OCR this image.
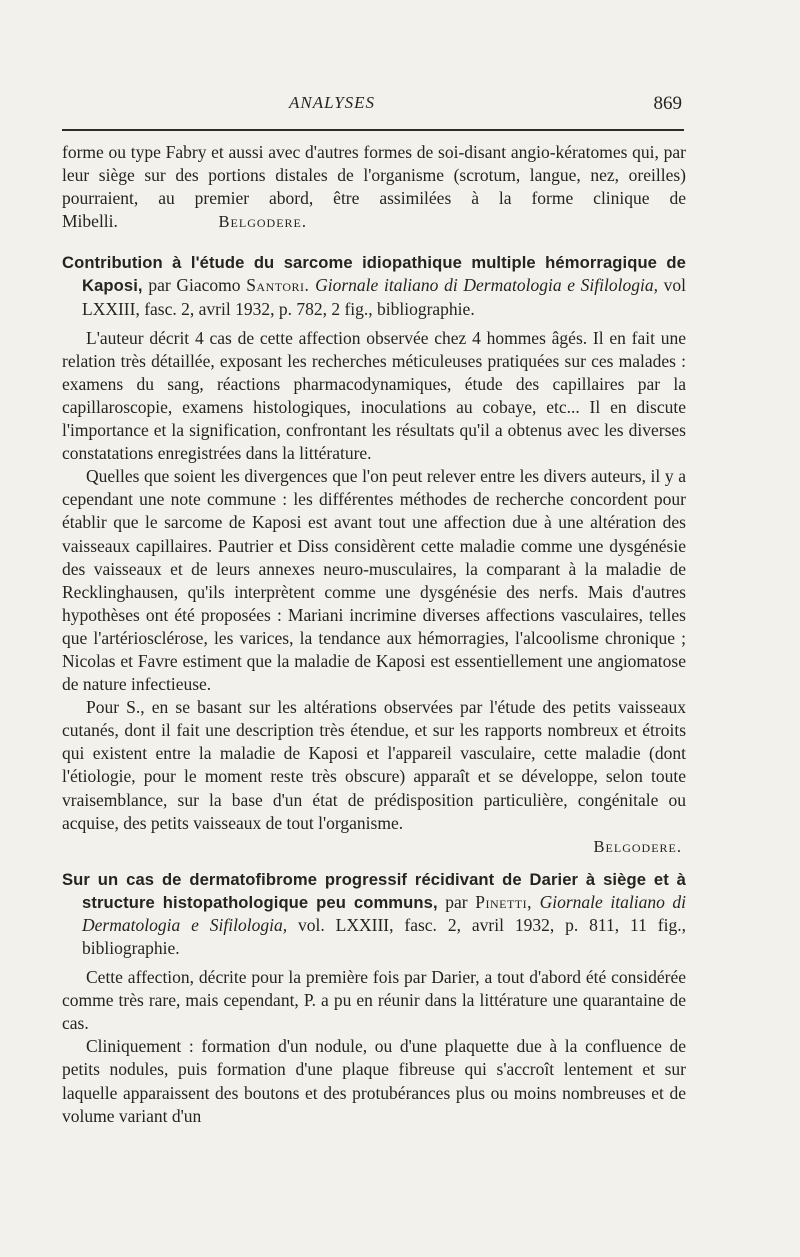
ANALYSES	869

forme ou type Fabry et aussi avec d'autres formes de soi-disant angio-kératomes qui, par leur siège sur des portions distales de l'organisme (scrotum, langue, nez, oreilles) pourraient, au premier abord, être assimilées à la forme clinique de Mibelli.	Belgodere.

Contribution à l'étude du sarcome idiopathique multiple hémorragique de Kaposi, par Giacomo Santori. Giornale italiano di Dermatologia e Sifilologia, vol LXXIII, fasc. 2, avril 1932, p. 782, 2 fig., bibliographie.

L'auteur décrit 4 cas de cette affection observée chez 4 hommes âgés. Il en fait une relation très détaillée, exposant les recherches méticuleuses pratiquées sur ces malades : examens du sang, réactions pharmacodynamiques, étude des capillaires par la capillaroscopie, examens histologiques, inoculations au cobaye, etc... Il en discute l'importance et la signification, confrontant les résultats qu'il a obtenus avec les diverses constatations enregistrées dans la littérature.

Quelles que soient les divergences que l'on peut relever entre les divers auteurs, il y a cependant une note commune : les différentes méthodes de recherche concordent pour établir que le sarcome de Kaposi est avant tout une affection due à une altération des vaisseaux capillaires. Pautrier et Diss considèrent cette maladie comme une dysgénésie des vaisseaux et de leurs annexes neuro-musculaires, la comparant à la maladie de Recklinghausen, qu'ils interprètent comme une dysgénésie des nerfs. Mais d'autres hypothèses ont été proposées : Mariani incrimine diverses affections vasculaires, telles que l'artériosclérose, les varices, la tendance aux hémorragies, l'alcoolisme chronique ; Nicolas et Favre estiment que la maladie de Kaposi est essentiellement une angiomatose de nature infectieuse.

Pour S., en se basant sur les altérations observées par l'étude des petits vaisseaux cutanés, dont il fait une description très étendue, et sur les rapports nombreux et étroits qui existent entre la maladie de Kaposi et l'appareil vasculaire, cette maladie (dont l'étiologie, pour le moment reste très obscure) apparaît et se développe, selon toute vraisemblance, sur la base d'un état de prédisposition particulière, congénitale ou acquise, des petits vaisseaux de tout l'organisme.

Belgodere.

Sur un cas de dermatofibrome progressif récidivant de Darier à siège et à structure histopathologique peu communs, par Pinetti, Giornale italiano di Dermatologia e Sifilologia, vol. LXXIII, fasc. 2, avril 1932, p. 811, 11 fig., bibliographie.

Cette affection, décrite pour la première fois par Darier, a tout d'abord été considérée comme très rare, mais cependant, P. a pu en réunir dans la littérature une quarantaine de cas.

Cliniquement : formation d'un nodule, ou d'une plaquette due à la confluence de petits nodules, puis formation d'une plaque fibreuse qui s'accroît lentement et sur laquelle apparaissent des boutons et des protubérances plus ou moins nombreuses et de volume variant d'un
